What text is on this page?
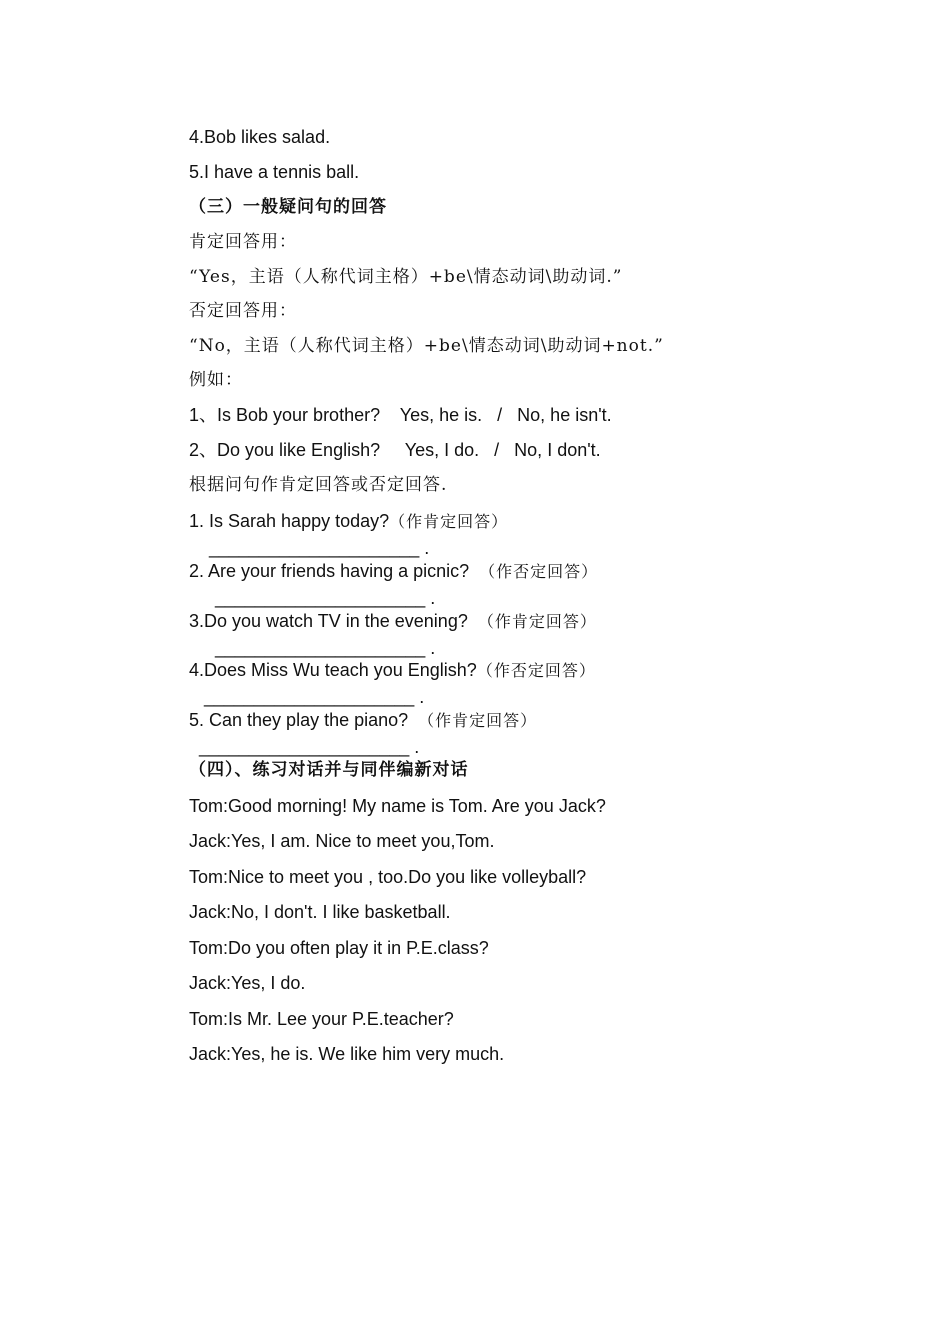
4.Bob likes salad.
5.I have a tennis ball.
（三）一般疑问句的回答
肯定回答用：
“Yes，主语（人称代词主格）+be\情态动词\助动词.”
否定回答用：
“No，主语（人称代词主格）+be\情态动词\助动词+not.”
例如：
1、Is Bob your brother?    Yes, he is.   /   No, he isn't.
2、Do you like English?     Yes, I do.   /   No, I don't.
根据问句作肯定回答或否定回答.
1. Is Sarah happy today?（作肯定回答）
_____________________ .
2. Are your friends having a picnic?  （作否定回答）
_____________________ .
3.Do you watch TV in the evening?  （作肯定回答）
_____________________ .
4.Does Miss Wu teach you English?（作否定回答）
_____________________ .
5. Can they play the piano?  （作肯定回答）
_____________________ .
（四）、练习对话并与同伴编新对话
Tom:Good morning! My name is Tom. Are you Jack?
Jack:Yes, I am. Nice to meet you,Tom.
Tom:Nice to meet you , too.Do you like volleyball?
Jack:No, I don't. I like basketball.
Tom:Do you often play it in P.E.class?
Jack:Yes, I do.
Tom:Is Mr. Lee your P.E.teacher?
Jack:Yes, he is. We like him very much.
